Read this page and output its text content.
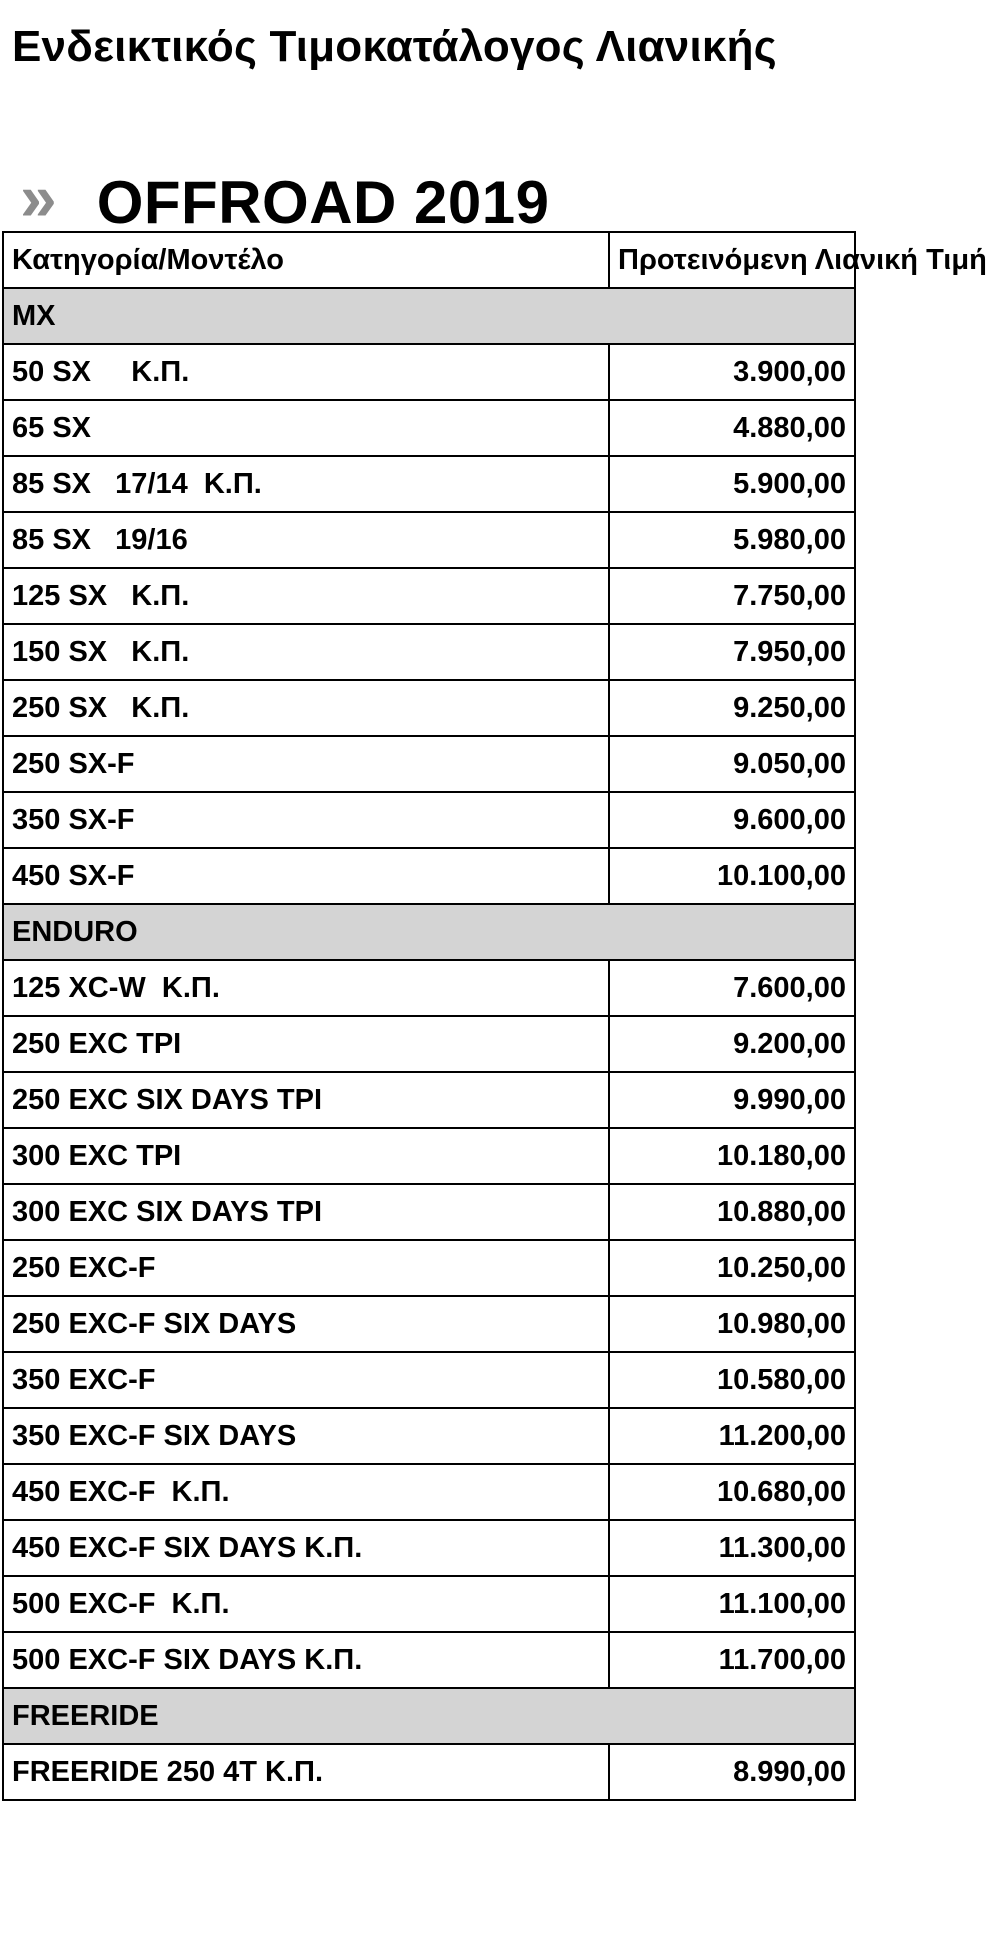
Ενδεικτικός Τιμοκατάλογος Λιανικής
» OFFROAD 2019
Κατηγορία/Μοντέλο	Προτεινόμενη Λιανική Τιμή
MX	
50 SX     Κ.Π.	3.900,00
65 SX	4.880,00
85 SX   17/14  Κ.Π.	5.900,00
85 SX   19/16	5.980,00
125 SX   Κ.Π.	7.750,00
150 SX   Κ.Π.	7.950,00
250 SX   Κ.Π.	9.250,00
250 SX-F	9.050,00
350 SX-F	9.600,00
450 SX-F	10.100,00
ENDURO	
125 XC-W  Κ.Π.	7.600,00
250 EXC TPI	9.200,00
250 EXC SIX DAYS TPI	9.990,00
300 EXC TPI	10.180,00
300 EXC SIX DAYS TPI	10.880,00
250 EXC-F	10.250,00
250 EXC-F SIX DAYS	10.980,00
350 EXC-F	10.580,00
350 EXC-F SIX DAYS	11.200,00
450 EXC-F  Κ.Π.	10.680,00
450 EXC-F SIX DAYS Κ.Π.	11.300,00
500 EXC-F  Κ.Π.	11.100,00
500 EXC-F SIX DAYS Κ.Π.	11.700,00
FREERIDE	
FREERIDE 250 4T Κ.Π.	8.990,00
